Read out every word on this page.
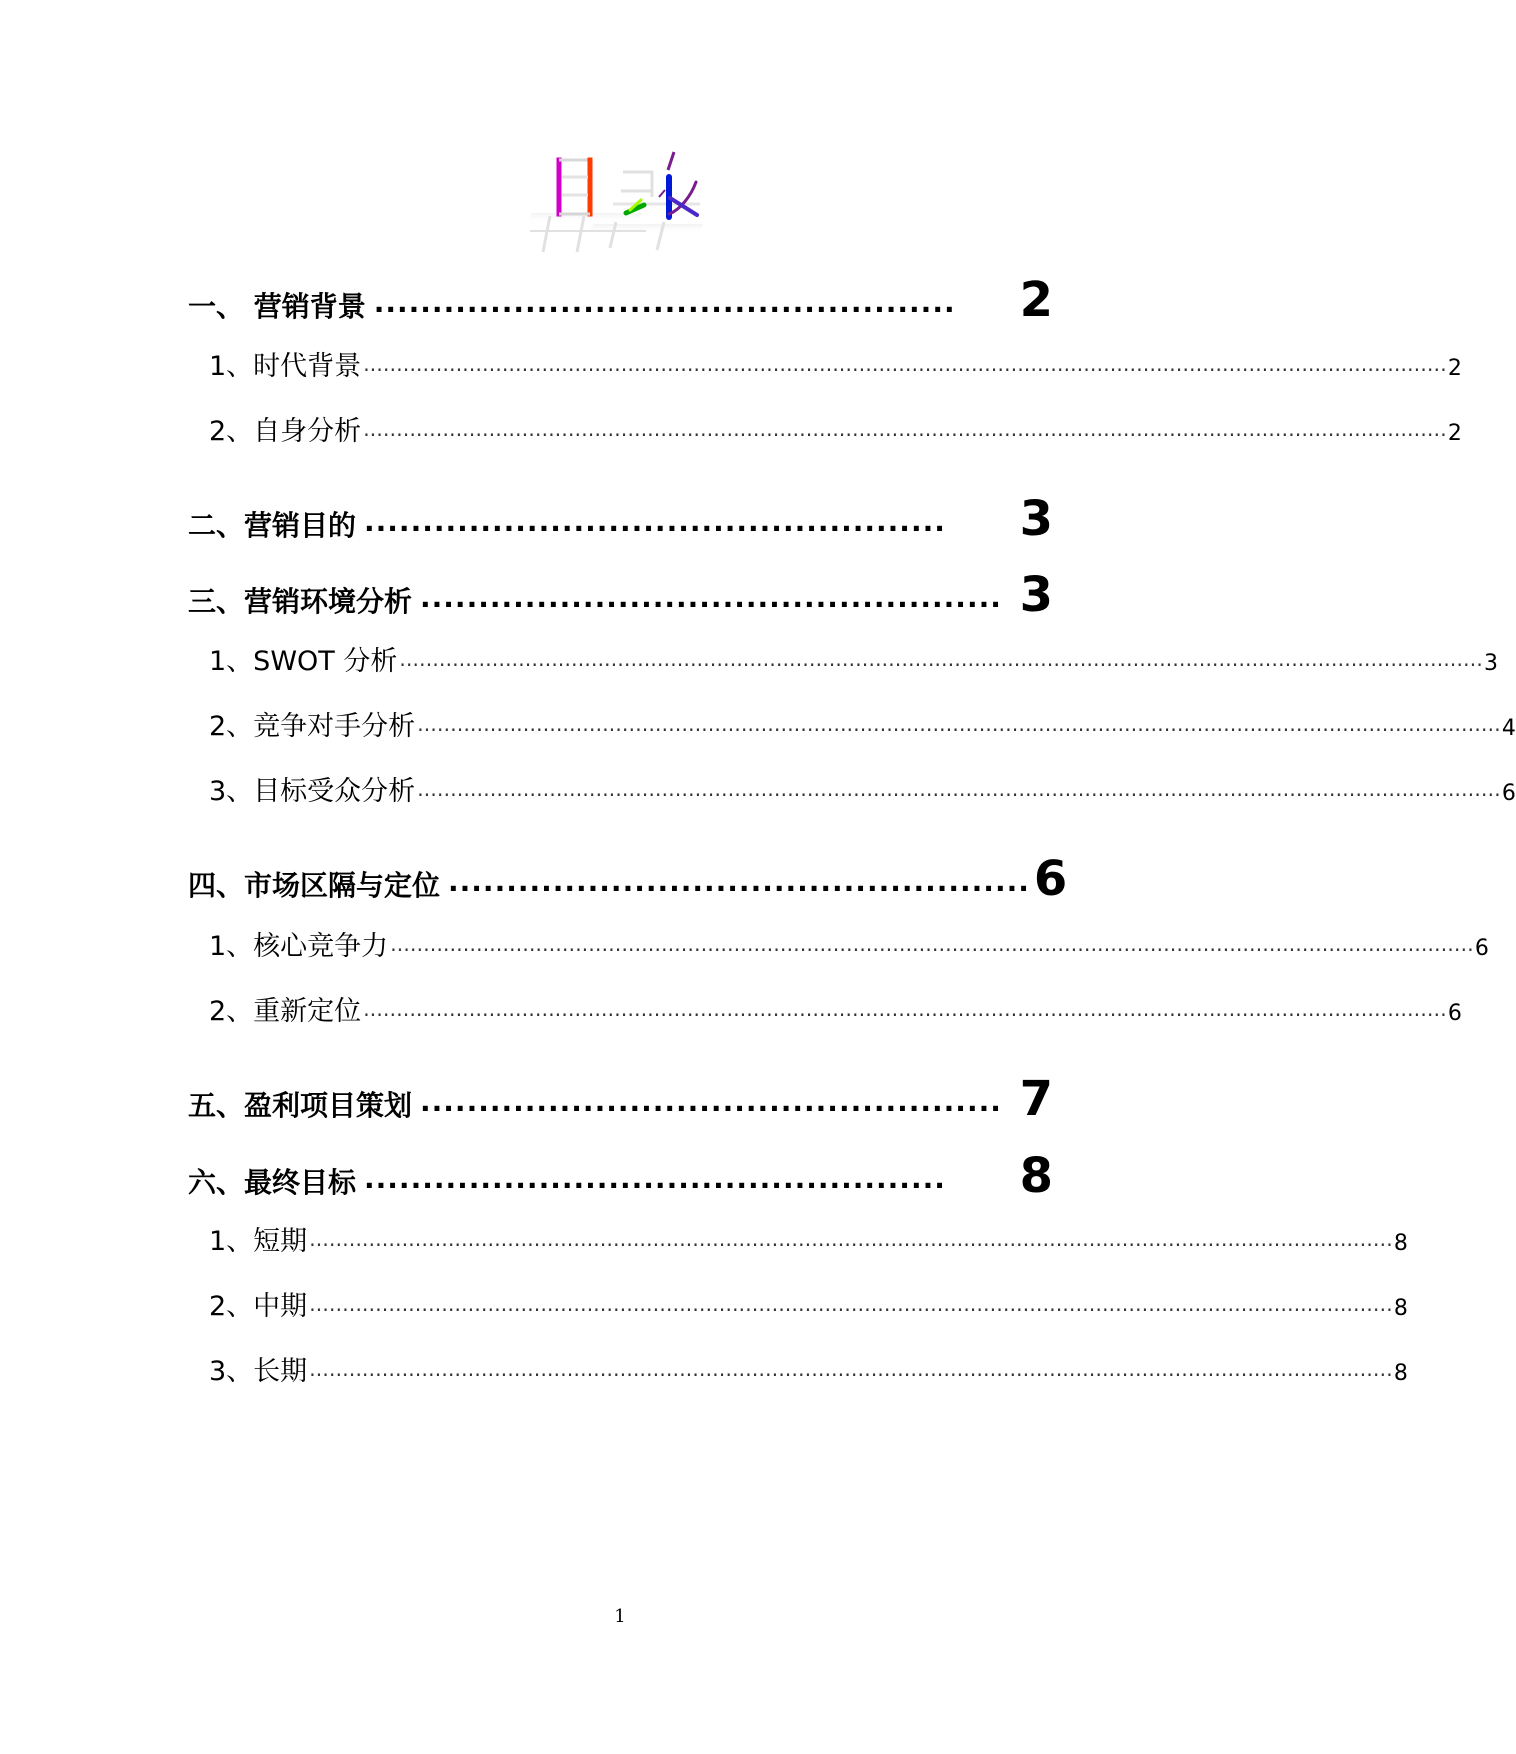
一、 营销背景 ..................................................	2
1、时代背景 .................................................................................................................................................................... 2
2、自身分析 .................................................................................................................................................................... 2
二、营销目的 ..................................................	3
三、营销环境分析 .................................................. 3
1、SWOT 分析 .................................................................................................................................................................... 3
2、竞争对手分析 .................................................................................................................................................................... 4
3、目标受众分析 .................................................................................................................................................................... 6
四、市场区隔与定位 .................................................. 6
1、核心竞争力 .................................................................................................................................................................... 6
2、重新定位 .................................................................................................................................................................... 6
五、盈利项目策划 .................................................. 7
六、最终目标 ..................................................	8
1、短期 .................................................................................................................................................................... 8
2、中期 .................................................................................................................................................................... 8
3、长期 .................................................................................................................................................................... 8
1
